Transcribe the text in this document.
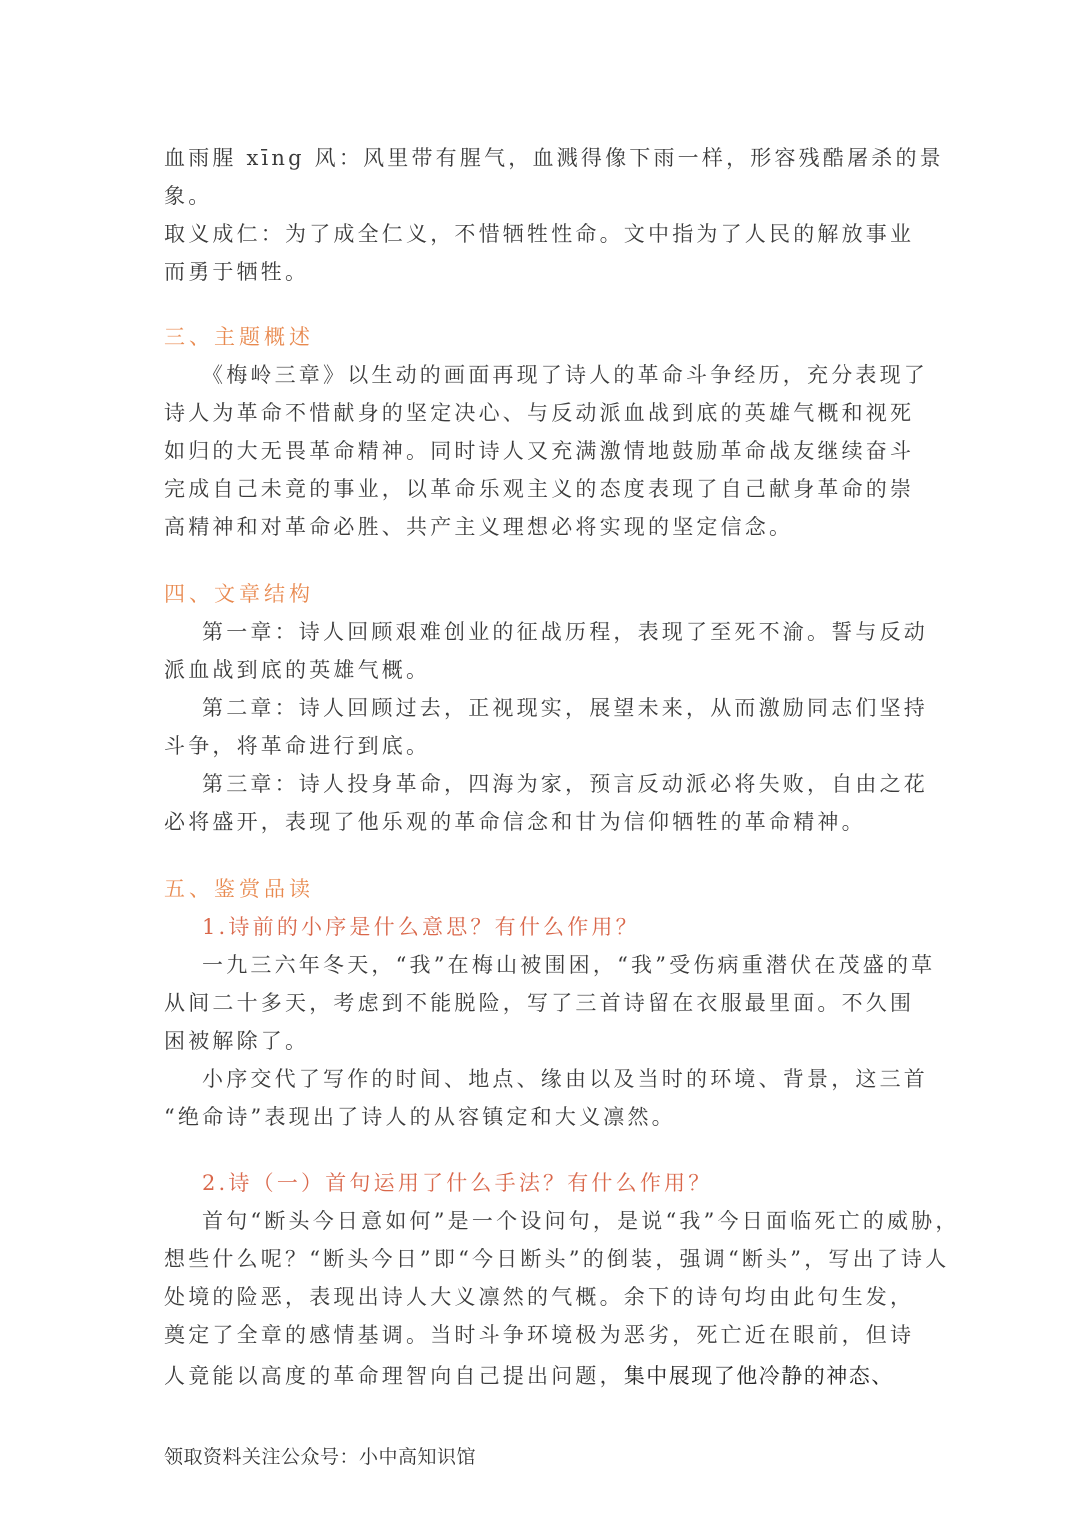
血雨腥 xīng 风：风里带有腥气，血溅得像下雨一样，形容残酷屠杀的景
象。
取义成仁：为了成全仁义，不惜牺牲性命。文中指为了人民的解放事业
而勇于牺牲。
三、主题概述
《梅岭三章》以生动的画面再现了诗人的革命斗争经历，充分表现了
诗人为革命不惜献身的坚定决心、与反动派血战到底的英雄气概和视死
如归的大无畏革命精神。同时诗人又充满激情地鼓励革命战友继续奋斗
完成自己未竟的事业，以革命乐观主义的态度表现了自己献身革命的崇
高精神和对革命必胜、共产主义理想必将实现的坚定信念。
四、文章结构
第一章：诗人回顾艰难创业的征战历程，表现了至死不渝。誓与反动
派血战到底的英雄气概。
第二章：诗人回顾过去，正视现实，展望未来，从而激励同志们坚持
斗争，将革命进行到底。
第三章：诗人投身革命，四海为家，预言反动派必将失败，自由之花
必将盛开，表现了他乐观的革命信念和甘为信仰牺牲的革命精神。
五、鉴赏品读
1.诗前的小序是什么意思？有什么作用？
一九三六年冬天，“我”在梅山被围困，“我”受伤病重潜伏在茂盛的草
从间二十多天，考虑到不能脱险，写了三首诗留在衣服最里面。不久围
困被解除了。
小序交代了写作的时间、地点、缘由以及当时的环境、背景，这三首
“绝命诗”表现出了诗人的从容镇定和大义凛然。
2.诗（一）首句运用了什么手法？有什么作用？
首句“断头今日意如何”是一个设问句，是说“我”今日面临死亡的威胁，
想些什么呢？“断头今日”即“今日断头”的倒装，强调“断头”，写出了诗人
处境的险恶，表现出诗人大义凛然的气概。余下的诗句均由此句生发，
奠定了全章的感情基调。当时斗争环境极为恶劣，死亡近在眼前，但诗
人竟能以高度的革命理智向自己提出问题，集中展现了他冷静的神态、
领取资料关注公众号：小中高知识馆
